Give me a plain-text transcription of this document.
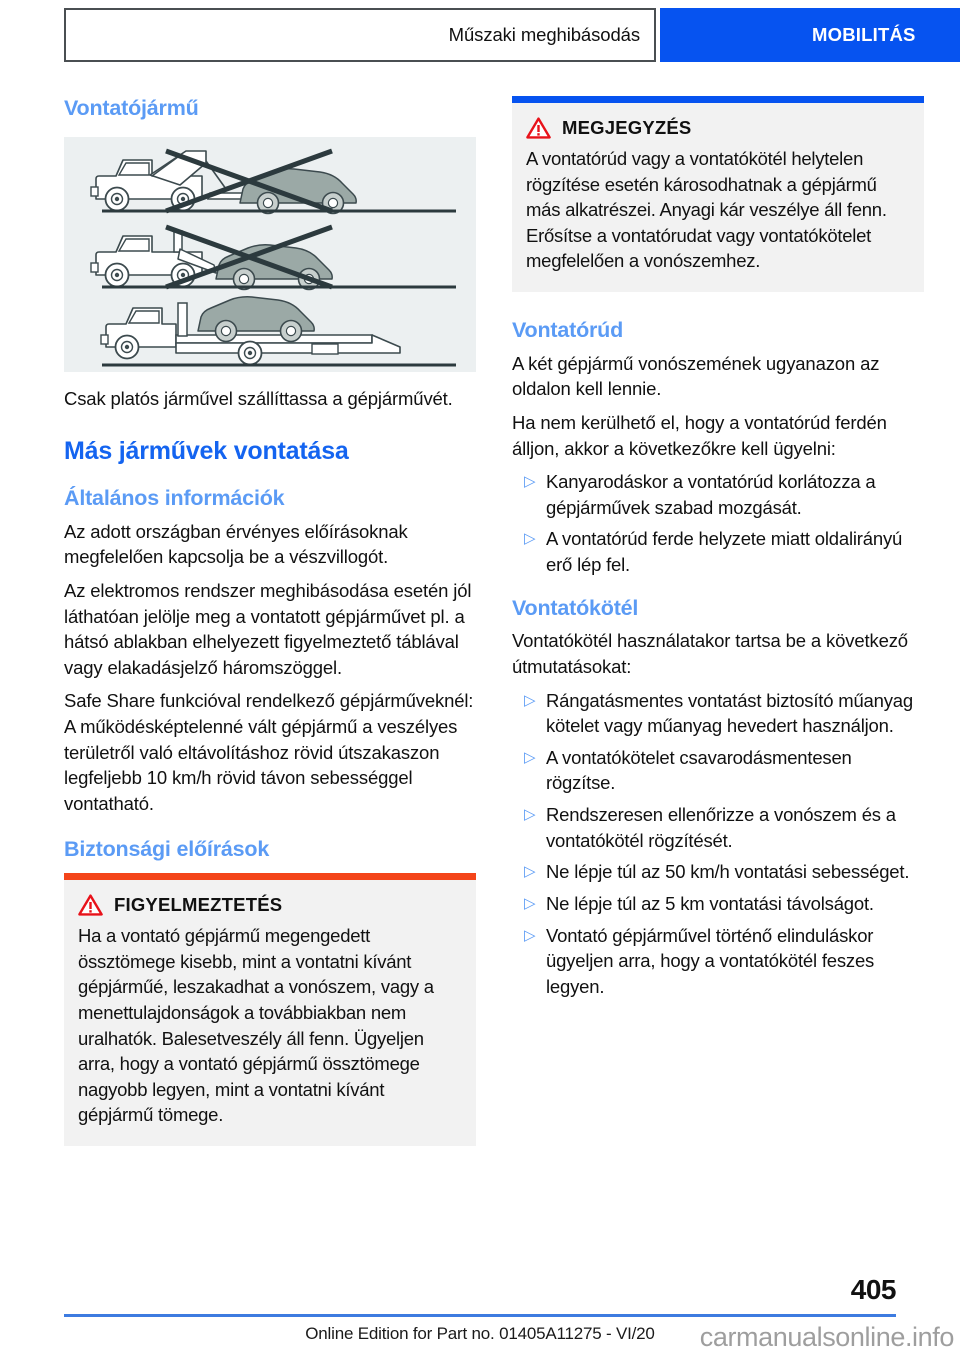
Műszaki meghibásodás	MOBILITÁS
Vontatójármű

Csak platós járművel szállíttassa a gépjárművét.

Más járművek vontatása
Általános információk

Az adott országban érvényes előírásoknak megfelelően kapcsolja be a vészvillogót.

Az elektromos rendszer meghibásodása esetén jól láthatóan jelölje meg a vontatott gépjárművet pl. a hátsó ablakban elhelyezett figyelmeztető táblával vagy elakadásjelző háromszöggel.

Safe Share funkcióval rendelkező gépjárműveknél: A működésképtelenné vált gépjármű a veszélyes területről való eltávolításhoz rövid útszakaszon legfeljebb 10 km/h rövid távon sebességgel vontatható.

Biztonsági előírások
FIGYELMEZTETÉS

Ha a vontató gépjármű megengedett össztömege kisebb, mint a vontatni kívánt gépjárműé, leszakadhat a vonószem, vagy a menettulajdonságok a továbbiakban nem uralhatók. Balesetveszély áll fenn. Ügyeljen arra, hogy a vontató gépjármű össztömege nagyobb legyen, mint a vontatni kívánt gépjármű tömege.

MEGJEGYZÉS

A vontatórúd vagy a vontatókötél helytelen rögzítése esetén károsodhatnak a gépjármű más alkatrészei. Anyagi kár veszélye áll fenn. Erősítse a vontatórudat vagy vontatókötelet megfelelően a vonószemhez.

Vontatórúd

A két gépjármű vonószemének ugyanazon az oldalon kell lennie.

Ha nem kerülhető el, hogy a vontatórúd ferdén álljon, akkor a következőkre kell ügyelni:

▷ Kanyarodáskor a vontatórúd korlátozza a gépjárművek szabad mozgását.
▷ A vontatórúd ferde helyzete miatt oldalirányú erő lép fel.
Vontatókötél

Vontatókötél használatakor tartsa be a következő útmutatásokat:

▷ Rángatásmentes vontatást biztosító műanyag kötelet vagy műanyag hevedert használjon.
▷ A vontatókötelet csavarodásmentesen rögzítse.
▷ Rendszeresen ellenőrizze a vonószem és a vontatókötél rögzítését.
▷ Ne lépje túl az 50 km/h vontatási sebességet.
▷ Ne lépje túl az 5 km vontatási távolságot.
▷ Vontató gépjárművel történő elinduláskor ügyeljen arra, hogy a vontatókötél feszes legyen.
405
Online Edition for Part no. 01405A11275 - VI/20	carmanualsonline.info
